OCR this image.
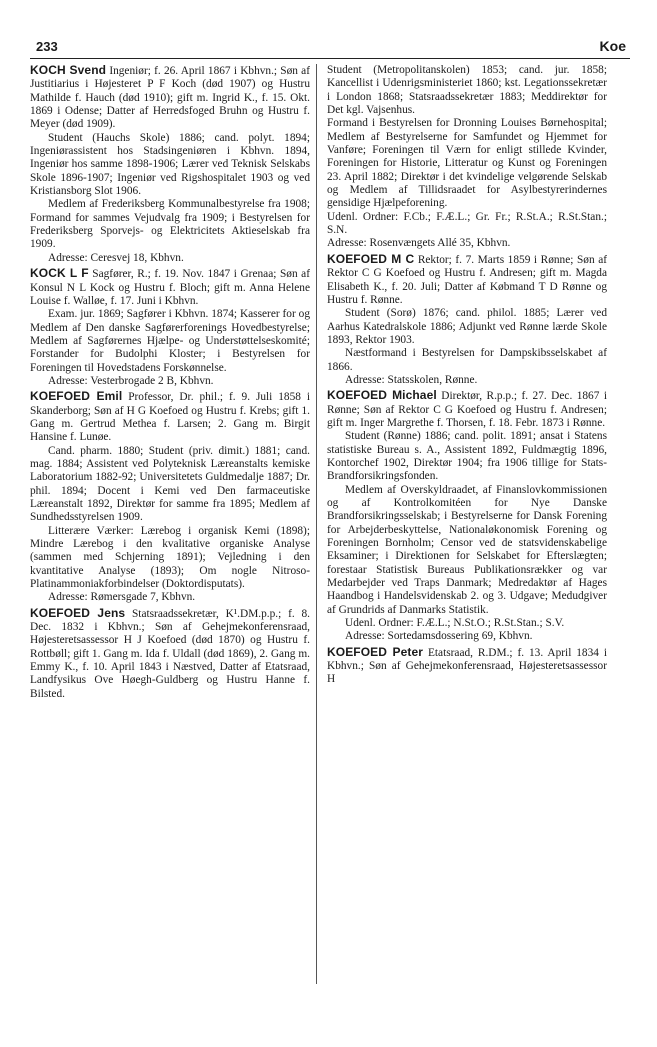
233	Koe

KOCH Svend Ingeniør; f. 26. April 1867 i Kbhvn.; Søn af Justitiarius i Højesteret P F Koch (død 1907) og Hustru Mathilde f. Hauch (død 1910); gift m. Ingrid K., f. 15. Okt. 1869 i Odense; Datter af Herredsfoged Bruhn og Hustru f. Meyer (død 1909).

Student (Hauchs Skole) 1886; cand. polyt. 1894; Ingeniørassistent hos Stadsingeniøren i Kbhvn. 1894, Ingeniør hos samme 1898-1906; Lærer ved Teknisk Selskabs Skole 1896-1907; Ingeniør ved Rigshospitalet 1903 og ved Kristiansborg Slot 1906.

Medlem af Frederiksberg Kommunalbestyrelse fra 1908; Formand for sammes Vejudvalg fra 1909; i Bestyrelsen for Frederiksberg Sporvejs- og Elektricitets Aktieselskab fra 1909.

Adresse: Ceresvej 18, Kbhvn.

KOCK L F Sagfører, R.; f. 19. Nov. 1847 i Grenaa; Søn af Konsul N L Kock og Hustru f. Bloch; gift m. Anna Helene Louise f. Walløe, f. 17. Juni i Kbhvn.

Exam. jur. 1869; Sagfører i Kbhvn. 1874; Kasserer for og Medlem af Den danske Sagførerforenings Hovedbestyrelse; Medlem af Sagførernes Hjælpe- og Understøttelseskomité; Forstander for Budolphi Kloster; i Bestyrelsen for Foreningen til Hovedstadens Forskønnelse.

Adresse: Vesterbrogade 2 B, Kbhvn.

KOEFOED Emil Professor, Dr. phil.; f. 9. Juli 1858 i Skanderborg; Søn af H G Koefoed og Hustru f. Krebs; gift 1. Gang m. Gertrud Methea f. Larsen; 2. Gang m. Birgit Hansine f. Lunøe.

Cand. pharm. 1880; Student (priv. dimit.) 1881; cand. mag. 1884; Assistent ved Polyteknisk Læreanstalts kemiske Laboratorium 1882-92; Universitetets Guldmedalje 1887; Dr. phil. 1894; Docent i Kemi ved Den farmaceutiske Læreanstalt 1892, Direktør for samme fra 1895; Medlem af Sundhedsstyrelsen 1909.

Litterære Værker: Lærebog i organisk Kemi (1898); Mindre Lærebog i den kvalitative organiske Analyse (sammen med Schjerning 1891); Vejledning i den kvantitative Analyse (1893); Om nogle Nitroso-Platinammoniakforbindelser (Doktordisputats).

Adresse: Rømersgade 7, Kbhvn.

KOEFOED Jens Statsraadssekretær, K¹.DM.p.p.; f. 8. Dec. 1832 i Kbhvn.; Søn af Gehejmekonferensraad, Højesteretsassessor H J Koefoed (død 1870) og Hustru f. Rottbøll; gift 1. Gang m. Ida f. Uldall (død 1869), 2. Gang m. Emmy K., f. 10. April 1843 i Næstved, Datter af Etatsraad, Landfysikus Ove Høegh-Guldberg og Hustru Hanne f. Bilsted.

Student (Metropolitanskolen) 1853; cand. jur. 1858; Kancellist i Udenrigsministeriet 1860; kst. Legationssekretær i London 1868; Statsraadssekretær 1883; Meddirektør for Det kgl. Vajsenhus.

Formand i Bestyrelsen for Dronning Louises Børnehospital; Medlem af Bestyrelserne for Samfundet og Hjemmet for Vanføre; Foreningen til Værn for enligt stillede Kvinder, Foreningen for Historie, Litteratur og Kunst og Foreningen 23. April 1882; Direktør i det kvindelige velgørende Selskab og Medlem af Tillidsraadet for Asylbestyrerindernes gensidige Hjælpeforening.

Udenl. Ordner: F.Cb.; F.Æ.L.; Gr. Fr.; R.St.A.; R.St.Stan.; S.N.

Adresse: Rosenvængets Allé 35, Kbhvn.

KOEFOED M C Rektor; f. 7. Marts 1859 i Rønne; Søn af Rektor C G Koefoed og Hustru f. Andresen; gift m. Magda Elisabeth K., f. 20. Juli; Datter af Købmand T D Rønne og Hustru f. Rønne.

Student (Sorø) 1876; cand. philol. 1885; Lærer ved Aarhus Katedralskole 1886; Adjunkt ved Rønne lærde Skole 1893, Rektor 1903.

Næstformand i Bestyrelsen for Dampskibsselskabet af 1866.

Adresse: Statsskolen, Rønne.

KOEFOED Michael Direktør, R.p.p.; f. 27. Dec. 1867 i Rønne; Søn af Rektor C G Koefoed og Hustru f. Andresen; gift m. Inger Margrethe f. Thorsen, f. 18. Febr. 1873 i Rønne.

Student (Rønne) 1886; cand. polit. 1891; ansat i Statens statistiske Bureau s. A., Assistent 1892, Fuldmægtig 1896, Kontorchef 1902, Direktør 1904; fra 1906 tillige for Stats-Brandforsikringsfonden.

Medlem af Overskyldraadet, af Finanslovkommissionen og af Kontrolkomitéen for Nye Danske Brandforsikringsselskab; i Bestyrelserne for Dansk Forening for Arbejderbeskyttelse, Nationaløkonomisk Forening og Foreningen Bornholm; Censor ved de statsvidenskabelige Eksaminer; i Direktionen for Selskabet for Efterslægten; forestaar Statistisk Bureaus Publikationsrækker og var Medarbejder ved Traps Danmark; Medredaktør af Hages Haandbog i Handelsvidenskab 2. og 3. Udgave; Medudgiver af Grundrids af Danmarks Statistik.

Udenl. Ordner: F.Æ.L.; N.St.O.; R.St.Stan.; S.V.

Adresse: Sortedamsdossering 69, Kbhvn.

KOEFOED Peter Etatsraad, R.DM.; f. 13. April 1834 i Kbhvn.; Søn af Gehejmekonferensraad, Højesteretsassessor H
